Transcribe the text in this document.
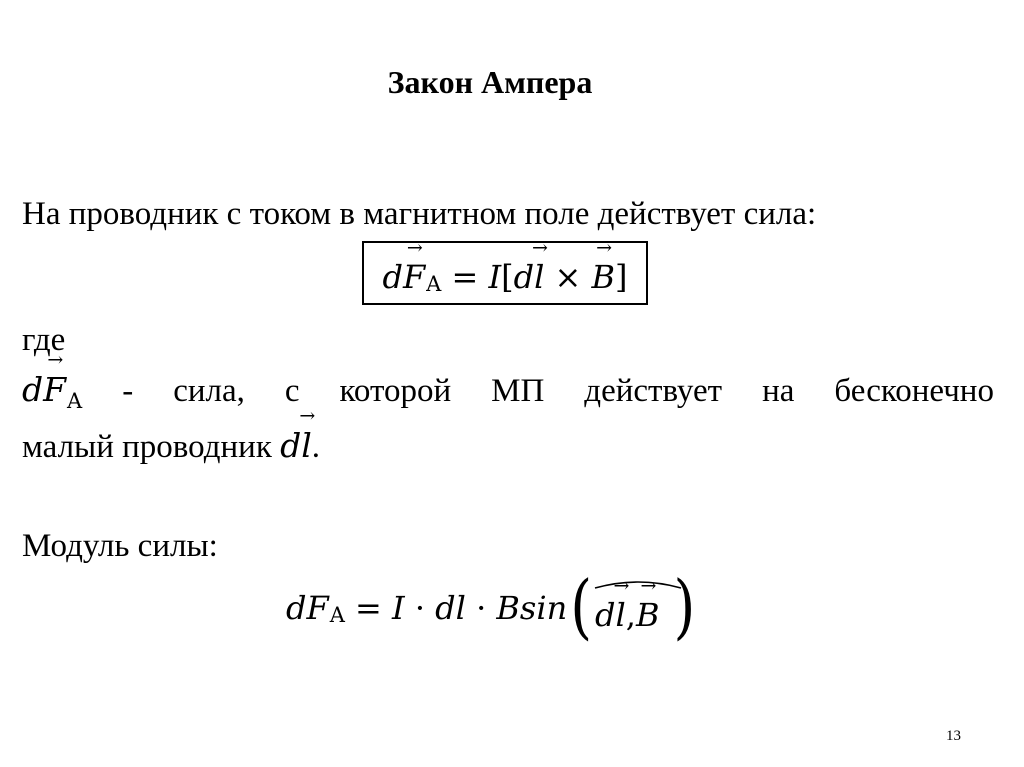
Закон Ампера
На проводник с током в магнитном поле действует сила:
d → F A = I [ d → l × → B ]
где
$d\to F_A$ - сила, с которой МП действует на бесконечно
малый проводник d→ l.
Модуль силы:
d F A = I · dl · Bsin ( d→ l,→ B )
13
